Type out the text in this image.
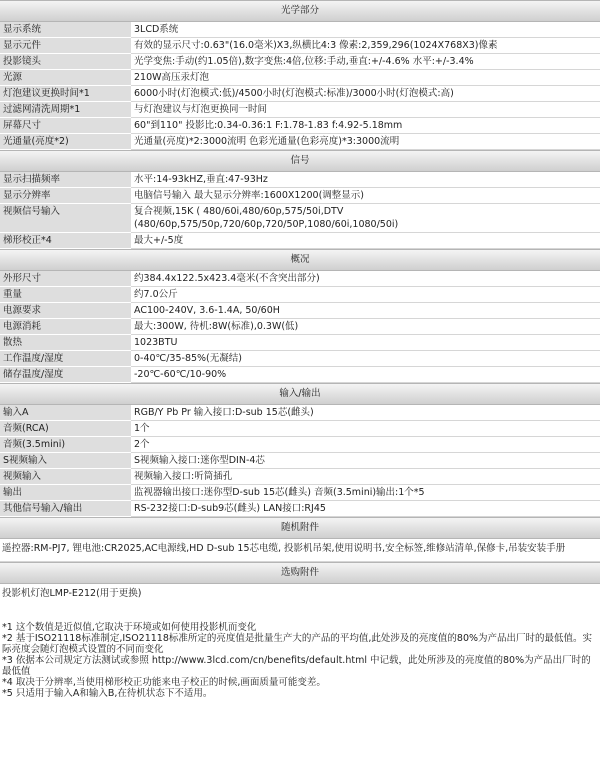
光学部分
显示系统	3LCD系统
显示元件	有效的显示尺寸:0.63"(16.0毫米)X3,纵横比4:3 像素:2,359,296(1024X768X3)像素
投影镜头	光学变焦:手动(约1.05倍),数字变焦:4倍,位移:手动,垂直:+/-4.6% 水平:+/-3.4%
光源	210W高压汞灯泡
灯泡建议更换时间*1	6000小时(灯泡模式:低)/4500小时(灯泡模式:标准)/3000小时(灯泡模式:高)
过滤网清洗周期*1	与灯泡建议与灯泡更换同一时间
屏幕尺寸	60"到110" 投影比:0.34-0.36:1 F:1.78-1.83 f:4.92-5.18mm
光通量(亮度*2)	光通量(亮度)*2:3000流明 色彩光通量(色彩亮度)*3:3000流明
信号
显示扫描频率	水平:14-93kHZ,垂直:47-93Hz
显示分辨率	电脑信号输入 最大显示分辨率:1600X1200(调整显示)
视频信号输入	复合视频,15K ( 480/60i,480/60p,575/50i,DTV
(480/60p,575/50p,720/60p,720/50P,1080/60i,1080/50i)
梯形校正*4	最大+/-5度
概况
外形尺寸	约384.4x122.5x423.4毫米(不含突出部分)
重量	约7.0公斤
电源要求	AC100-240V, 3.6-1.4A, 50/60H
电源消耗	最大:300W, 待机:8W(标准),0.3W(低)
散热	1023BTU
工作温度/湿度	0-40℃/35-85%(无凝结)
储存温度/湿度	-20℃-60℃/10-90%
输入/输出
输入A	RGB/Y Pb Pr 输入接口:D-sub 15芯(雌头)
音频(RCA)	1个
音频(3.5mini)	2个
S视频输入	S视频输入接口:迷你型DIN-4芯
视频输入	视频输入接口:听筒插孔
输出	监视器输出接口:迷你型D-sub 15芯(雌头) 音频(3.5mini)输出:1个*5
其他信号输入/输出	RS-232接口:D-sub9芯(雌头) LAN接口:RJ45
随机附件
遥控器:RM-PJ7, 锂电池:CR2025,AC电源线,HD D-sub 15芯电缆, 投影机吊架,使用说明书,安全标签,维修站清单,保修卡,吊装安装手册
选购附件
投影机灯泡LMP-E212(用于更换)
*1 这个数值是近似值,它取决于环境或如何使用投影机而变化
*2 基于ISO21118标准制定,ISO21118标准所定的亮度值是批量生产大的产品的平均值,此处涉及的亮度值的80%为产品出厂时的最低值。实际亮度会随灯泡模式设置的不同而变化
*3 依据本公司规定方法测试或参照 http://www.3lcd.com/cn/benefits/default.html 中记载，此处所涉及的亮度值的80%为产品出厂时的最低值
*4 取决于分辨率,当使用梯形校正功能来电子校正的时候,画面质量可能变差。
*5 只适用于输入A和输入B,在待机状态下不适用。
